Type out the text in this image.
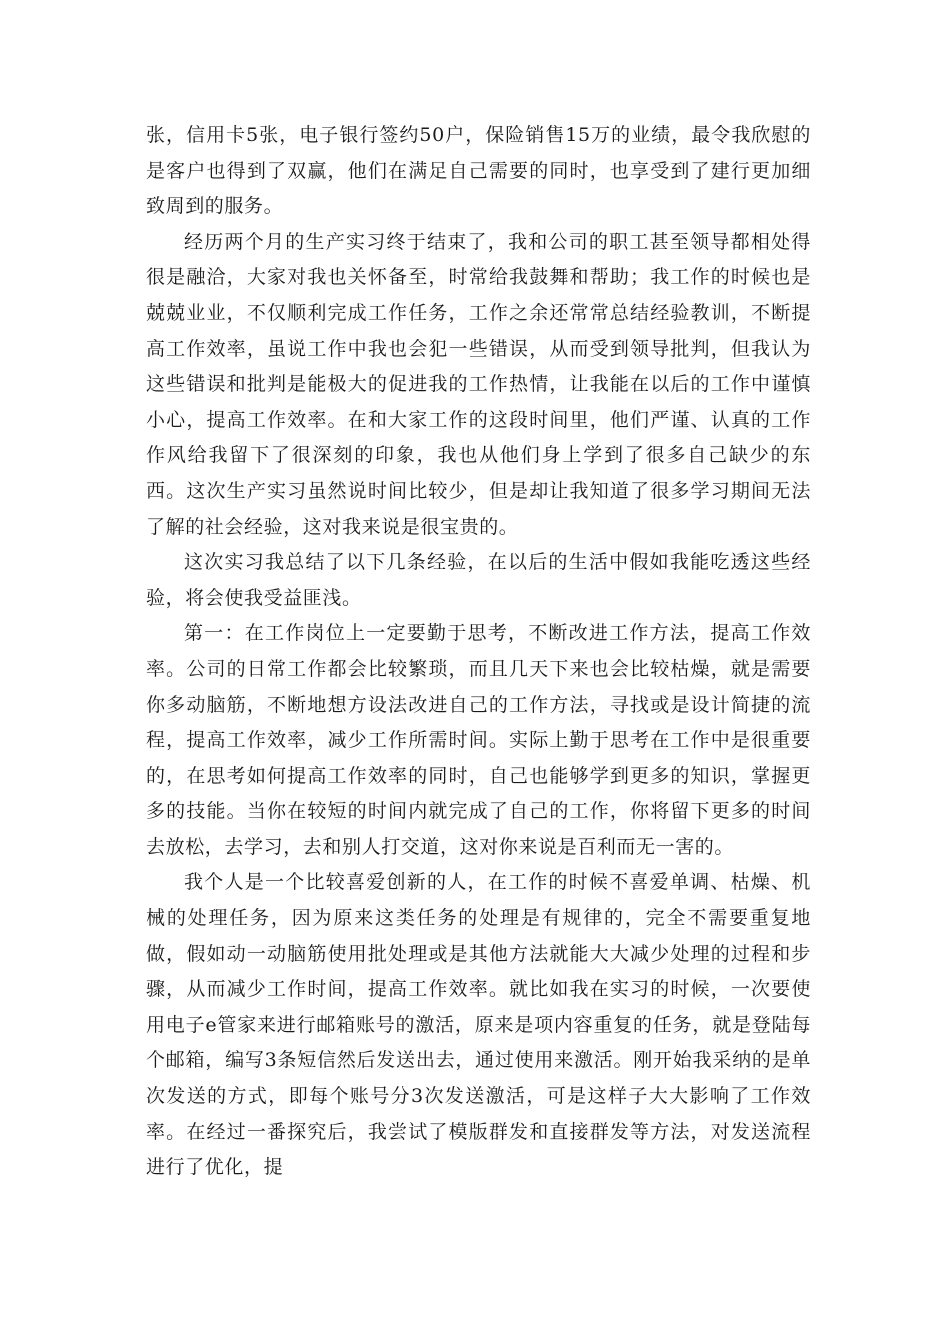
张，信用卡5张，电子银行签约50户，保险销售15万的业绩，最令我欣慰的是客户也得到了双赢，他们在满足自己需要的同时，也享受到了建行更加细致周到的服务。

经历两个月的生产实习终于结束了，我和公司的职工甚至领导都相处得很是融洽，大家对我也关怀备至，时常给我鼓舞和帮助；我工作的时候也是兢兢业业，不仅顺利完成工作任务，工作之余还常常总结经验教训，不断提高工作效率，虽说工作中我也会犯一些错误，从而受到领导批判，但我认为这些错误和批判是能极大的促进我的工作热情，让我能在以后的工作中谨慎小心，提高工作效率。在和大家工作的这段时间里，他们严谨、认真的工作作风给我留下了很深刻的印象，我也从他们身上学到了很多自己缺少的东西。这次生产实习虽然说时间比较少，但是却让我知道了很多学习期间无法了解的社会经验，这对我来说是很宝贵的。

这次实习我总结了以下几条经验，在以后的生活中假如我能吃透这些经验，将会使我受益匪浅。

第一：在工作岗位上一定要勤于思考，不断改进工作方法，提高工作效率。公司的日常工作都会比较繁琐，而且几天下来也会比较枯燥，就是需要你多动脑筋，不断地想方设法改进自己的工作方法，寻找或是设计简捷的流程，提高工作效率，减少工作所需时间。实际上勤于思考在工作中是很重要的，在思考如何提高工作效率的同时，自己也能够学到更多的知识，掌握更多的技能。当你在较短的时间内就完成了自己的工作，你将留下更多的时间去放松，去学习，去和别人打交道，这对你来说是百利而无一害的。

我个人是一个比较喜爱创新的人，在工作的时候不喜爱单调、枯燥、机械的处理任务，因为原来这类任务的处理是有规律的，完全不需要重复地做，假如动一动脑筋使用批处理或是其他方法就能大大减少处理的过程和步骤，从而减少工作时间，提高工作效率。就比如我在实习的时候，一次要使用电子e管家来进行邮箱账号的激活，原来是项内容重复的任务，就是登陆每个邮箱，编写3条短信然后发送出去，通过使用来激活。刚开始我采纳的是单次发送的方式，即每个账号分3次发送激活，可是这样子大大影响了工作效率。在经过一番探究后，我尝试了模版群发和直接群发等方法，对发送流程进行了优化，提
